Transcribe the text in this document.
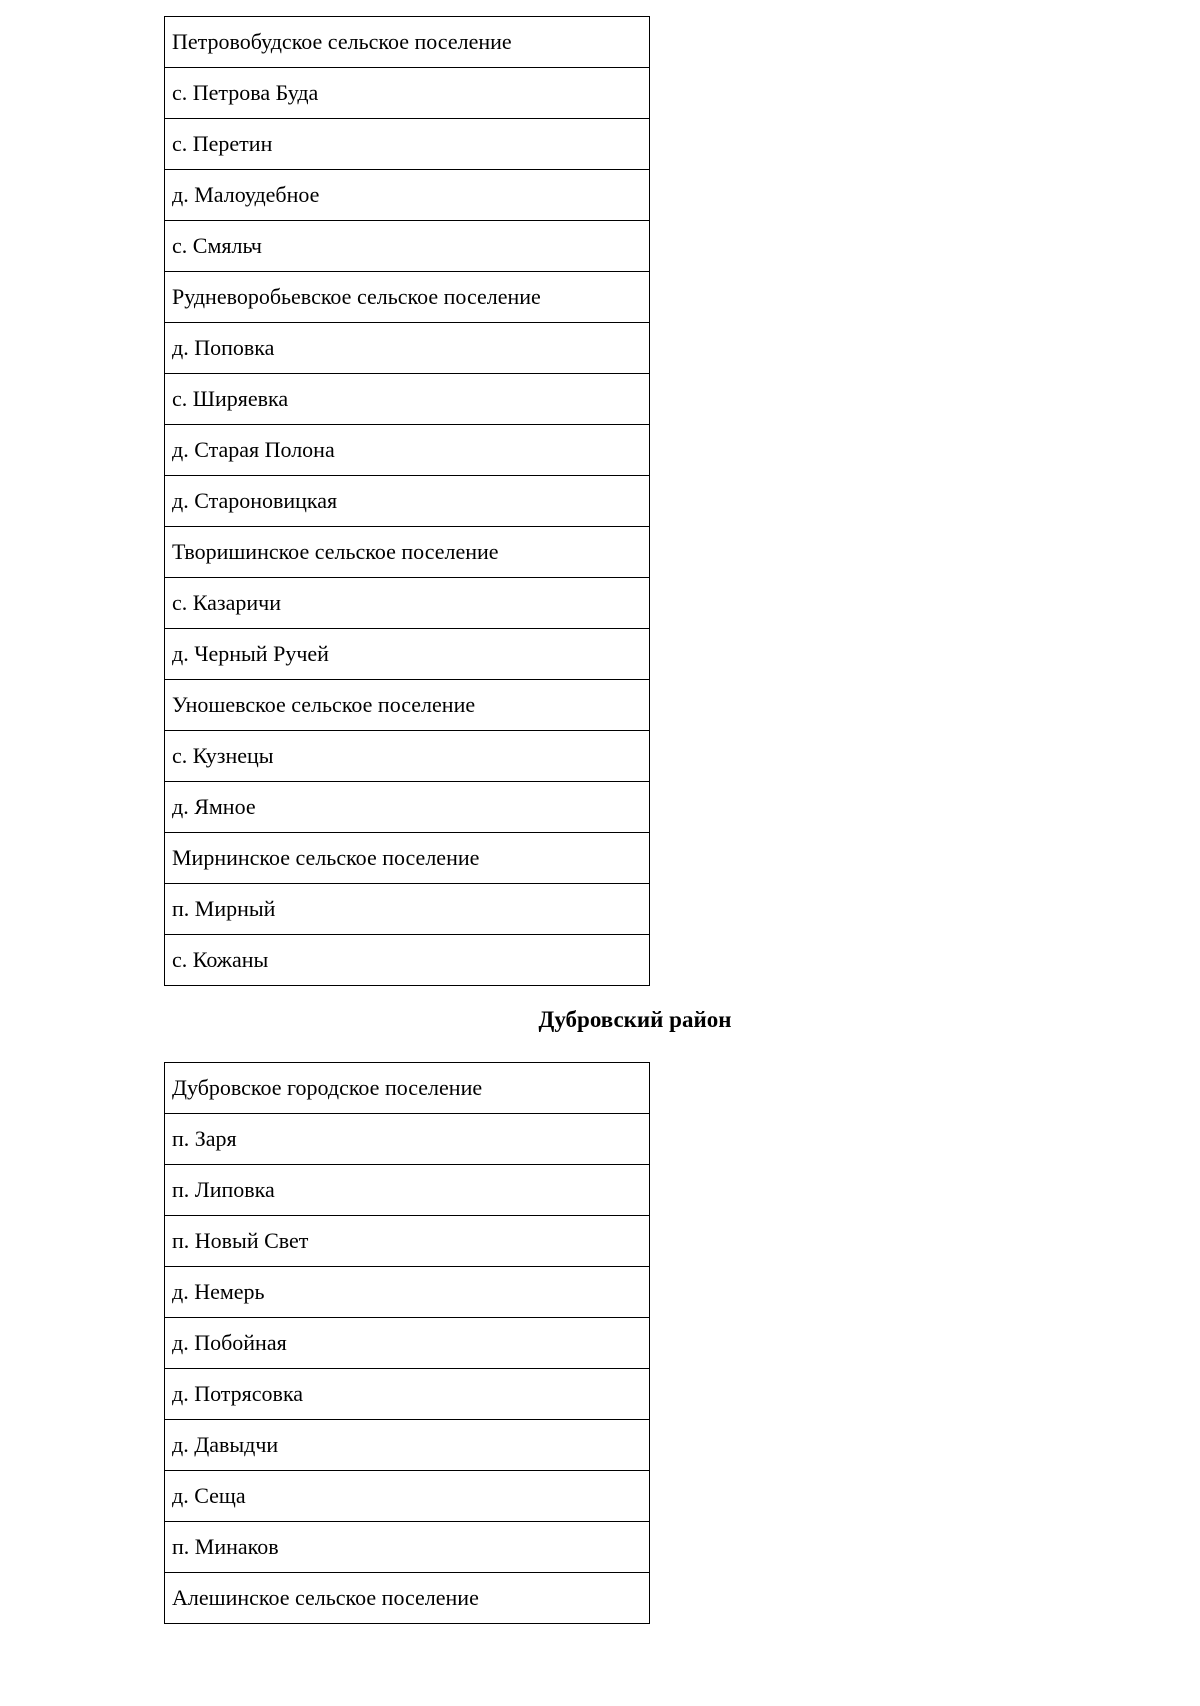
Петровобудское сельское поселение
с. Петрова Буда
с. Перетин
д. Малоудебное
с. Смяльч
Рудневоробьевское сельское поселение
д. Поповка
с. Ширяевка
д. Старая Полона
д. Староновицкая
Творишинское сельское поселение
с. Казаричи
д. Черный Ручей
Уношевское сельское поселение
с. Кузнецы
д. Ямное
Мирнинское сельское поселение
п. Мирный
с. Кожаны
Дубровский район
Дубровское городское поселение
п. Заря
п. Липовка
п. Новый Свет
д. Немерь
д. Побойная
д. Потрясовка
д. Давыдчи
д. Сеща
п. Минаков
Алешинское сельское поселение
